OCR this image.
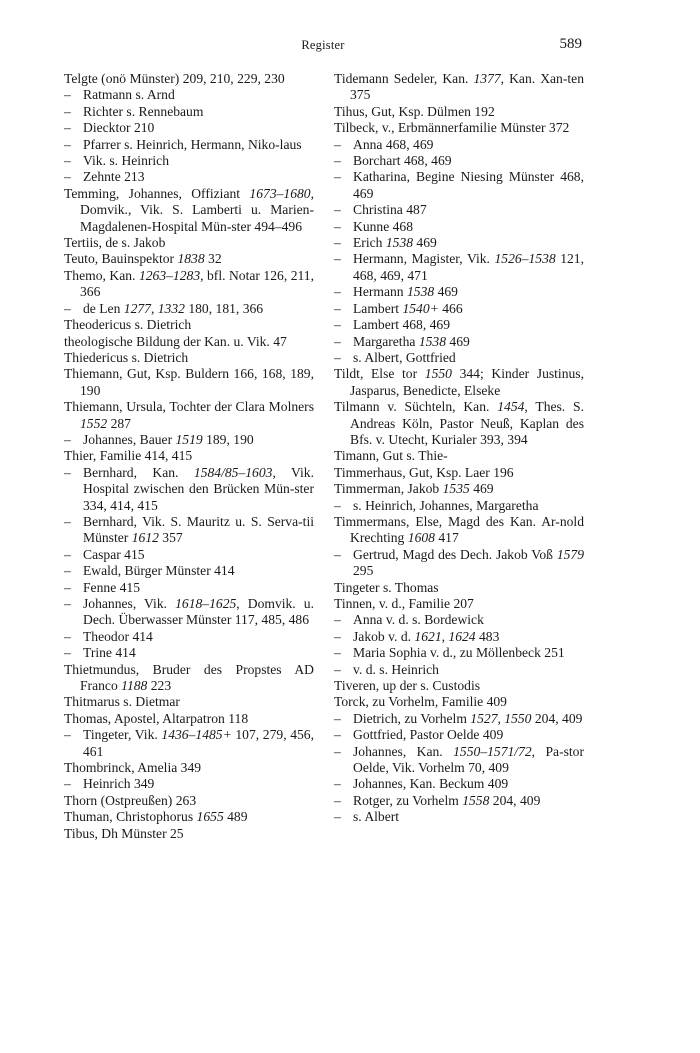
Register	589
Telgte (onö Münster) 209, 210, 229, 230
– Ratmann s. Arnd
– Richter s. Rennebaum
– Diecktor 210
– Pfarrer s. Heinrich, Hermann, Niko-laus
– Vik. s. Heinrich
– Zehnte 213
Temming, Johannes, Offiziant 1673–1680, Domvik., Vik. S. Lamberti u. Marien-Magdalenen-Hospital Mün-ster 494–496
Tertiis, de s. Jakob
Teuto, Bauinspektor 1838 32
Themo, Kan. 1263–1283, bfl. Notar 126, 211, 366
– de Len 1277, 1332 180, 181, 366
Theodericus s. Dietrich
theologische Bildung der Kan. u. Vik. 47
Thiedericus s. Dietrich
Thiemann, Gut, Ksp. Buldern 166, 168, 189, 190
Thiemann, Ursula, Tochter der Clara Molners 1552 287
– Johannes, Bauer 1519 189, 190
Thier, Familie 414, 415
– Bernhard, Kan. 1584/85–1603, Vik. Hospital zwischen den Brücken Mün-ster 334, 414, 415
– Bernhard, Vik. S. Mauritz u. S. Serva-tii Münster 1612 357
– Caspar 415
– Ewald, Bürger Münster 414
– Fenne 415
– Johannes, Vik. 1618–1625, Domvik. u. Dech. Überwasser Münster 117, 485, 486
– Theodor 414
– Trine 414
Thietmundus, Bruder des Propstes AD Franco 1188 223
Thitmarus s. Dietmar
Thomas, Apostel, Altarpatron 118
– Tingeter, Vik. 1436–1485+ 107, 279, 456, 461
Thombrinck, Amelia 349
– Heinrich 349
Thorn (Ostpreußen) 263
Thuman, Christophorus 1655 489
Tibus, Dh Münster 25
Tidemann Sedeler, Kan. 1377, Kan. Xan-ten 375
Tihus, Gut, Ksp. Dülmen 192
Tilbeck, v., Erbmännerfamilie Münster 372
– Anna 468, 469
– Borchart 468, 469
– Katharina, Begine Niesing Münster 468, 469
– Christina 487
– Kunne 468
– Erich 1538 469
– Hermann, Magister, Vik. 1526–1538 121, 468, 469, 471
– Hermann 1538 469
– Lambert 1540+ 466
– Lambert 468, 469
– Margaretha 1538 469
– s. Albert, Gottfried
Tildt, Else tor 1550 344; Kinder Justinus, Jasparus, Benedicte, Elseke
Tilmann v. Süchteln, Kan. 1454, Thes. S. Andreas Köln, Pastor Neuß, Kaplan des Bfs. v. Utecht, Kurialer 393, 394
Timann, Gut s. Thie-
Timmerhaus, Gut, Ksp. Laer 196
Timmerman, Jakob 1535 469
– s. Heinrich, Johannes, Margaretha
Timmermans, Else, Magd des Kan. Ar-nold Krechting 1608 417
– Gertrud, Magd des Dech. Jakob Voß 1579 295
Tingeter s. Thomas
Tinnen, v. d., Familie 207
– Anna v. d. s. Bordewick
– Jakob v. d. 1621, 1624 483
– Maria Sophia v. d., zu Möllenbeck 251
– v. d. s. Heinrich
Tiveren, up der s. Custodis
Torck, zu Vorhelm, Familie 409
– Dietrich, zu Vorhelm 1527, 1550 204, 409
– Gottfried, Pastor Oelde 409
– Johannes, Kan. 1550–1571/72, Pa-stor Oelde, Vik. Vorhelm 70, 409
– Johannes, Kan. Beckum 409
– Rotger, zu Vorhelm 1558 204, 409
– s. Albert
